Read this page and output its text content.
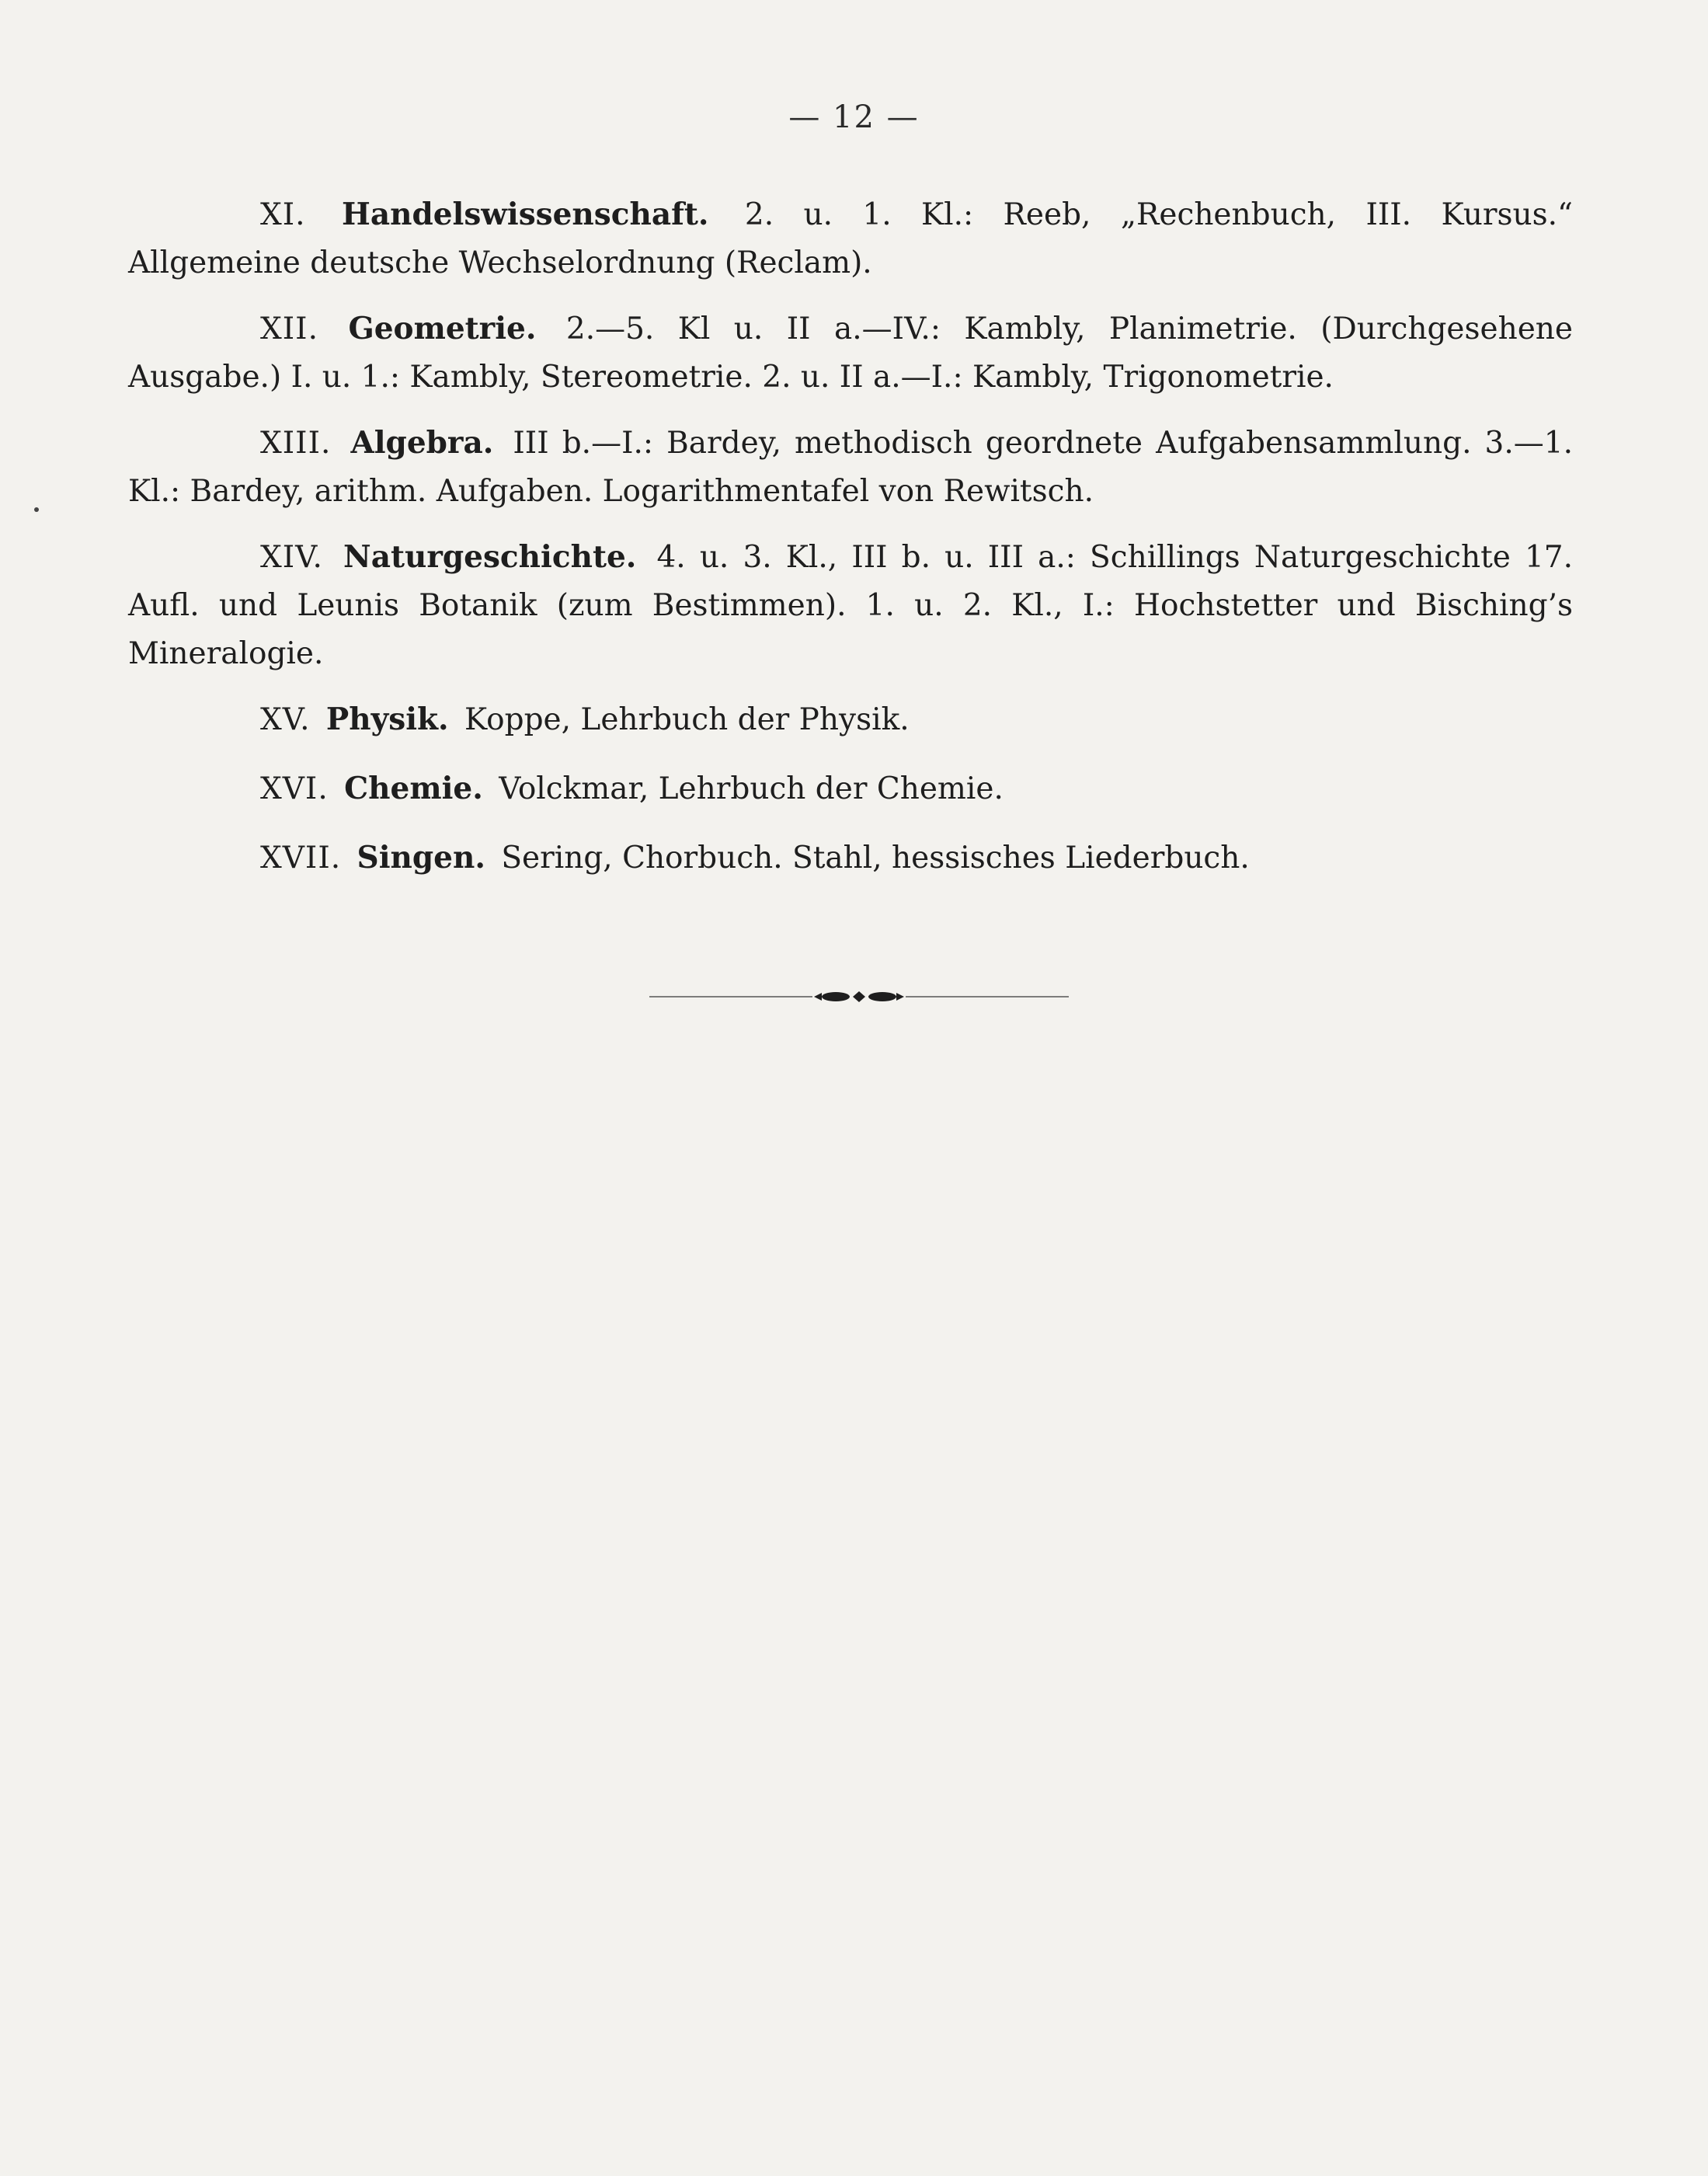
— 12 —

XI. Handelswissenschaft. 2. u. 1. Kl.: Reeb, „Rechenbuch, III. Kursus.“ Allgemeine deutsche Wechselordnung (Reclam).

XII. Geometrie. 2.—5. Kl u. II a.—IV.: Kambly, Planimetrie. (Durchgesehene Ausgabe.) I. u. 1.: Kambly, Stereometrie. 2. u. II a.—I.: Kambly, Trigonometrie.

XIII. Algebra. III b.—I.: Bardey, methodisch geordnete Aufgabensammlung. 3.—1. Kl.: Bardey, arithm. Aufgaben. Logarithmentafel von Rewitsch.

XIV. Naturgeschichte. 4. u. 3. Kl., III b. u. III a.: Schillings Naturgeschichte 17. Aufl. und Leunis Botanik (zum Bestimmen). 1. u. 2. Kl., I.: Hochstetter und Bisching’s Mineralogie.

XV. Physik. Koppe, Lehrbuch der Physik.

XVI. Chemie. Volckmar, Lehrbuch der Chemie.

XVII. Singen. Sering, Chorbuch. Stahl, hessisches Liederbuch.
